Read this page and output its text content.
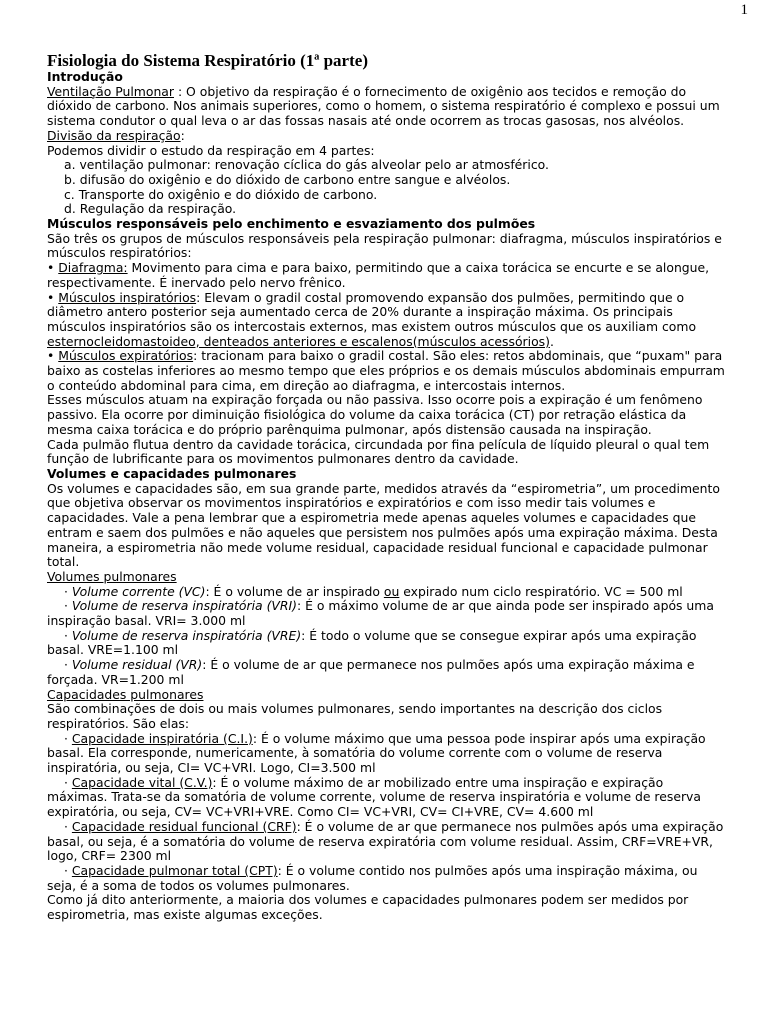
1
Fisiologia do Sistema Respiratório (1ª parte)

Introdução

Ventilação Pulmonar : O objetivo da respiração é o fornecimento de oxigênio aos tecidos e remoção do dióxido de carbono. Nos animais superiores, como o homem, o sistema respiratório é complexo e possui um sistema condutor o qual leva o ar das fossas nasais até onde ocorrem as trocas gasosas, nos alvéolos.

Divisão da respiração:

Podemos dividir o estudo da respiração em 4 partes:

a. ventilação pulmonar: renovação cíclica do gás alveolar pelo ar atmosférico.

b. difusão do oxigênio e do dióxido de carbono entre sangue e alvéolos.

c. Transporte do oxigênio e do dióxido de carbono.

d. Regulação da respiração.

Músculos responsáveis pelo enchimento e esvaziamento dos pulmões

São três os grupos de músculos responsáveis pela respiração pulmonar: diafragma, músculos inspiratórios e músculos respiratórios:

• Diafragma: Movimento para cima e para baixo, permitindo que a caixa torácica se encurte e se alongue, respectivamente. É inervado pelo nervo frênico.

• Músculos inspiratórios: Elevam o gradil costal promovendo expansão dos pulmões, permitindo que o diâmetro antero posterior seja aumentado cerca de 20% durante a inspiração máxima. Os principais músculos inspiratórios são os intercostais externos, mas existem outros músculos que os auxiliam como esternocleidomastoideo, denteados anteriores e escalenos(músculos acessórios).

• Músculos expiratórios: tracionam para baixo o gradil costal. São eles: retos abdominais, que “puxam" para baixo as costelas inferiores ao mesmo tempo que eles próprios e os demais músculos abdominais empurram o conteúdo abdominal para cima, em direção ao diafragma, e intercostais internos.

Esses músculos atuam na expiração forçada ou não passiva. Isso ocorre pois a expiração é um fenômeno passivo. Ela ocorre por diminuição fisiológica do volume da caixa torácica (CT) por retração elástica da mesma caixa torácica e do próprio parênquima pulmonar, após distensão causada na inspiração.

Cada pulmão flutua dentro da cavidade torácica, circundada por fina película de líquido pleural o qual tem função de lubrificante para os movimentos pulmonares dentro da cavidade.

Volumes e capacidades pulmonares

Os volumes e capacidades são, em sua grande parte, medidos através da “espirometria”, um procedimento que objetiva observar os movimentos inspiratórios e expiratórios e com isso medir tais volumes e capacidades. Vale a pena lembrar que a espirometria mede apenas aqueles volumes e capacidades que entram e saem dos pulmões e não aqueles que persistem nos pulmões após uma expiração máxima. Desta maneira, a espirometria não mede volume residual, capacidade residual funcional e capacidade pulmonar total.

Volumes pulmonares

· Volume corrente (VC): É o volume de ar inspirado ou expirado num ciclo respiratório. VC = 500 ml

· Volume de reserva inspiratória (VRI): É o máximo volume de ar que ainda pode ser inspirado após uma inspiração basal. VRI= 3.000 ml

· Volume de reserva inspiratória (VRE): É todo o volume que se consegue expirar após uma expiração basal. VRE=1.100 ml

· Volume residual (VR): É o volume de ar que permanece nos pulmões após uma expiração máxima e forçada. VR=1.200 ml

Capacidades pulmonares

São combinações de dois ou mais volumes pulmonares, sendo importantes na descrição dos ciclos respiratórios. São elas:

· Capacidade inspiratória (C.I.): É o volume máximo que uma pessoa pode inspirar após uma expiração basal. Ela corresponde, numericamente, à somatória do volume corrente com o volume de reserva inspiratória, ou seja, CI= VC+VRI. Logo, CI=3.500 ml

· Capacidade vital (C.V.): É o volume máximo de ar mobilizado entre uma inspiração e expiração máximas. Trata-se da somatória de volume corrente, volume de reserva inspiratória e volume de reserva expiratória, ou seja, CV= VC+VRI+VRE. Como CI= VC+VRI, CV= CI+VRE, CV= 4.600 ml

· Capacidade residual funcional (CRF): É o volume de ar que permanece nos pulmões após uma expiração basal, ou seja, é a somatória do volume de reserva expiratória com volume residual. Assim, CRF=VRE+VR, logo, CRF= 2300 ml

· Capacidade pulmonar total (CPT): É o volume contido nos pulmões após uma inspiração máxima, ou seja, é a soma de todos os volumes pulmonares.

Como já dito anteriormente, a maioria dos volumes e capacidades pulmonares podem ser medidos por espirometria, mas existe algumas exceções.
